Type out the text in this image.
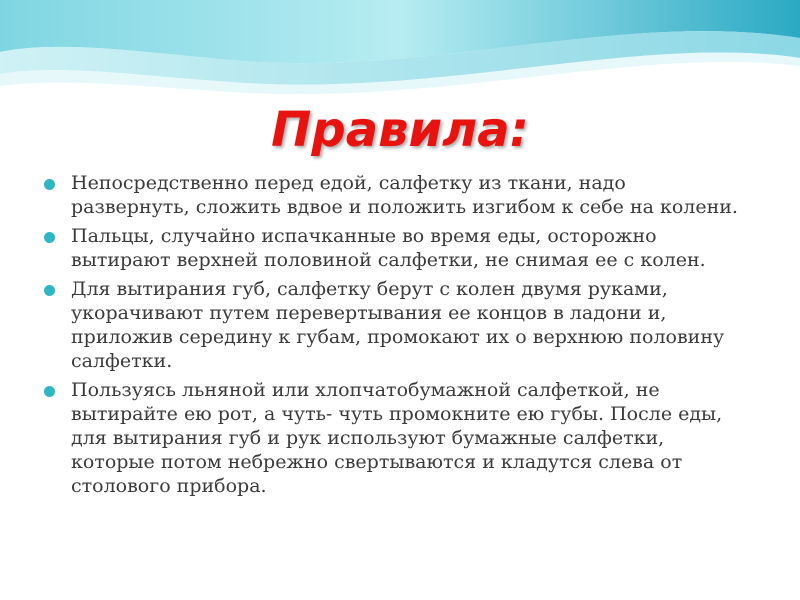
Правила:
Непосредственно перед едой, салфетку из ткани, надо развернуть, сложить вдвое и положить изгибом к себе на колени.
Пальцы, случайно испачканные во время еды, осторожно вытирают верхней половиной салфетки, не снимая ее с колен.
Для вытирания губ, салфетку берут с колен двумя руками, укорачивают путем перевертывания ее концов в ладони и, приложив середину к губам, промокают их о верхнюю половину салфетки.
Пользуясь льняной или хлопчатобумажной салфеткой, не вытирайте ею рот, а чуть- чуть промокните ею губы. После еды, для вытирания губ и рук используют бумажные салфетки, которые потом небрежно свертываются и кладутся слева от столового прибора.
